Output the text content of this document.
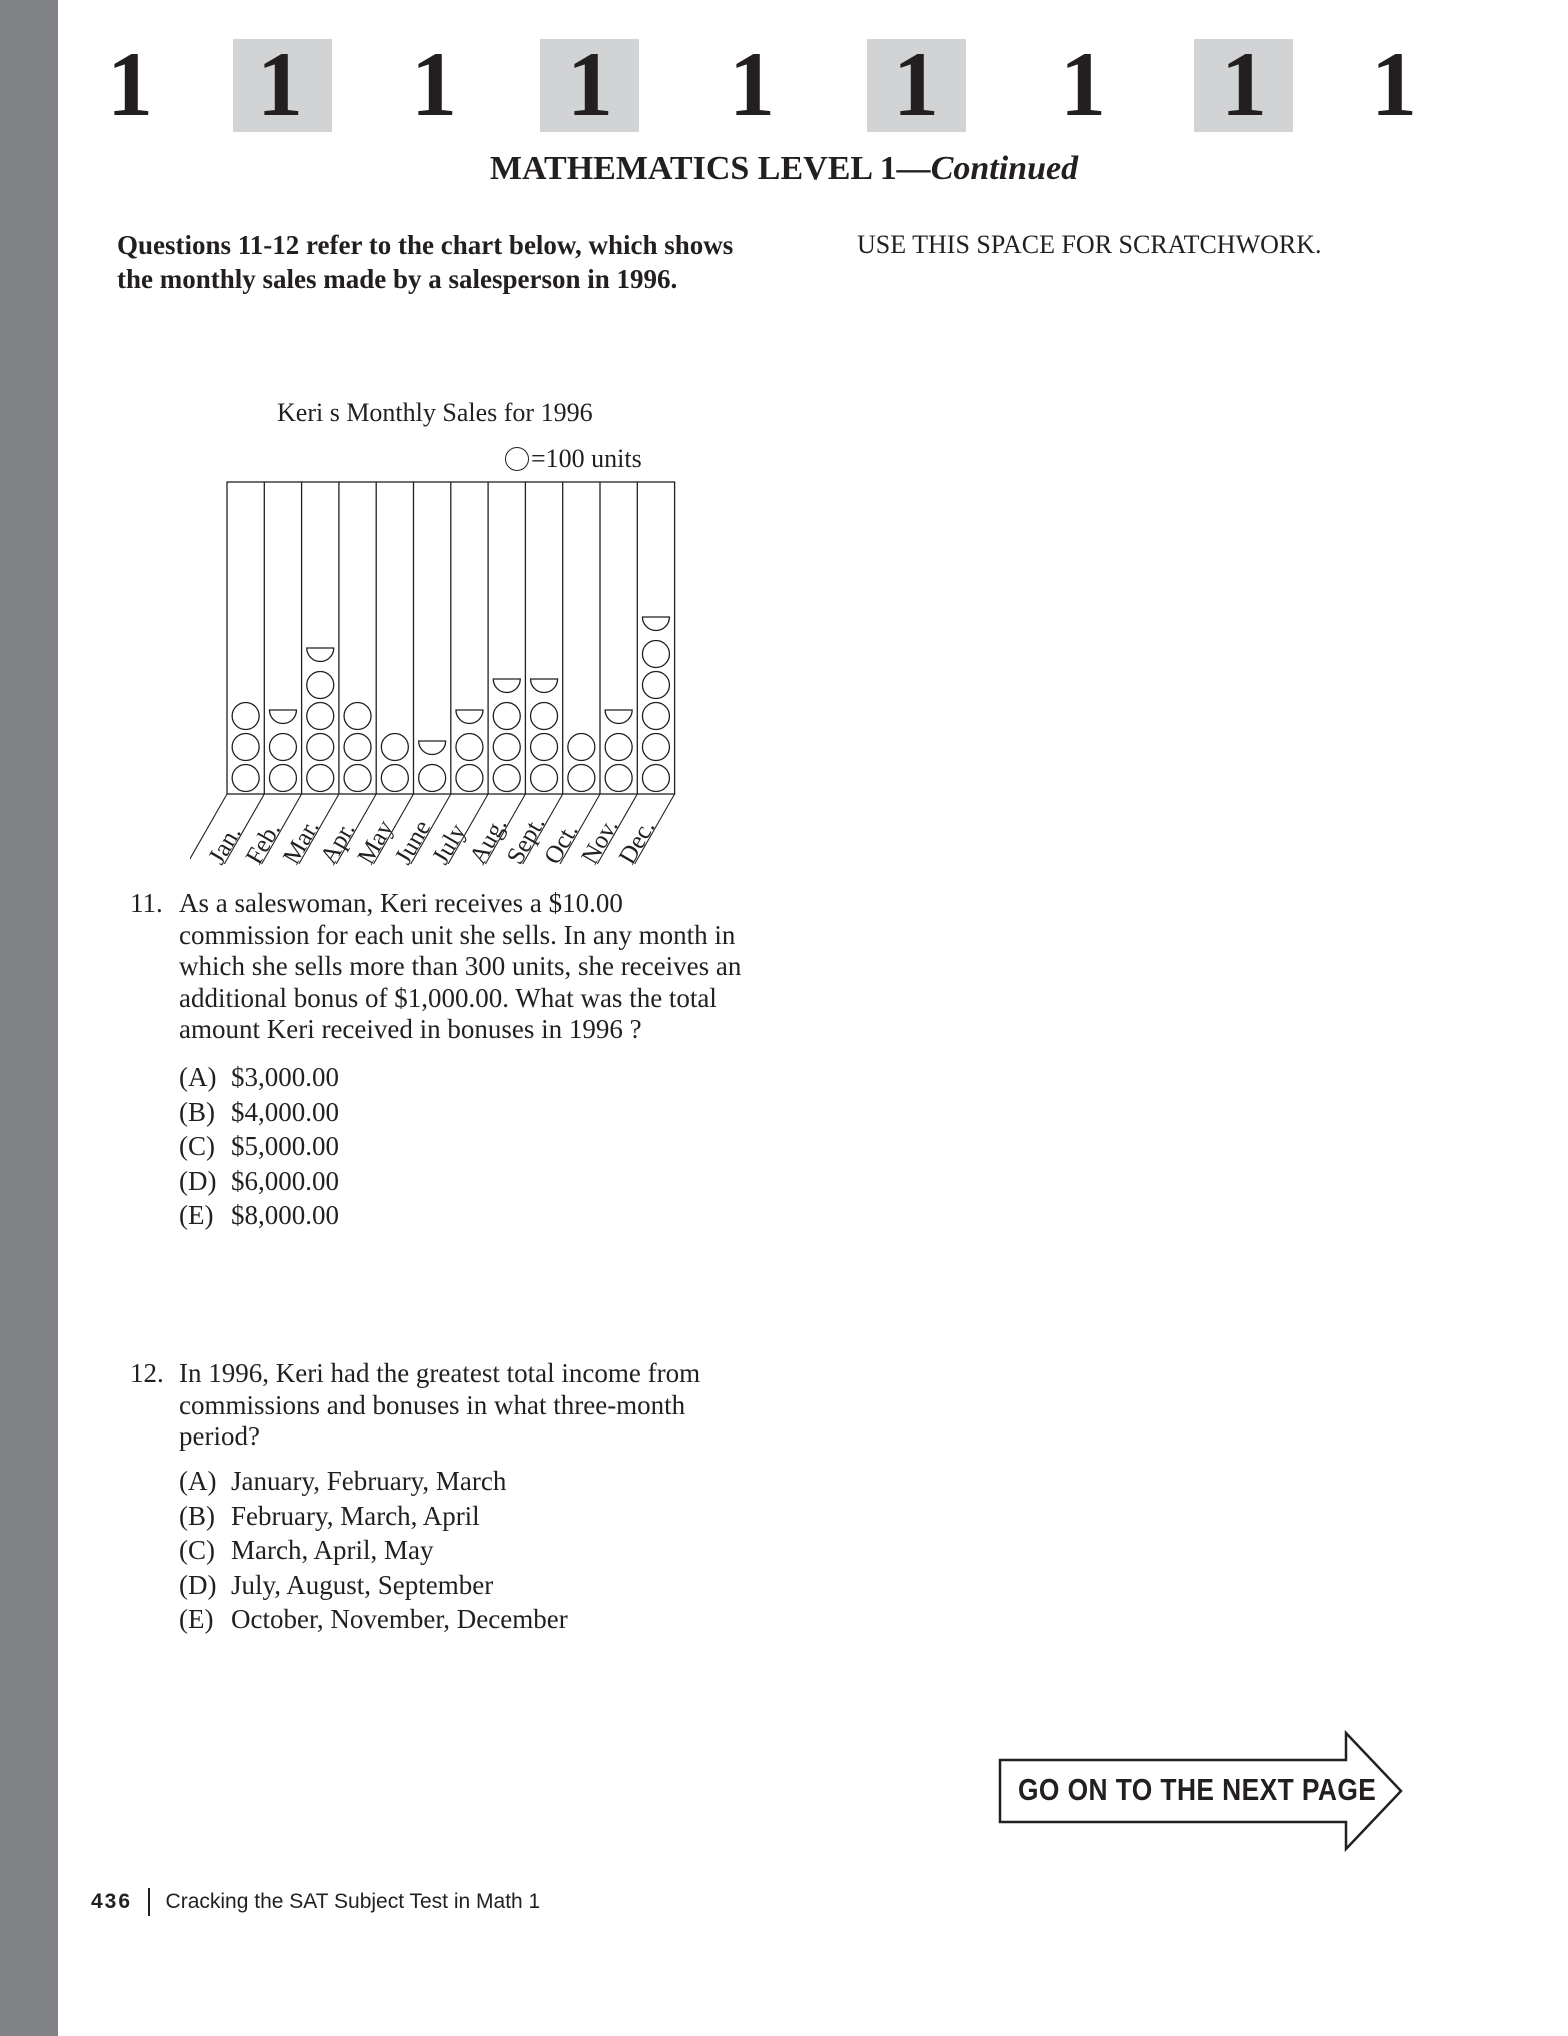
1 1 1 1 1 1 1 1 1
MATHEMATICS LEVEL 1—Continued
Questions 11-12 refer to the chart below, which shows the monthly sales made by a salesperson in 1996.
USE THIS SPACE FOR SCRATCHWORK.
Keri s Monthly Sales for 1996
=100 units
Jan.
Feb.
Mar.
Apr.
May
June
July
Aug.
Sept.
Oct.
Nov.
Dec.
11. As a saleswoman, Keri receives a $10.00 commission for each unit she sells. In any month in which she sells more than 300 units, she receives an additional bonus of $1,000.00. What was the total amount Keri received in bonuses in 1996 ?
(A) $3,000.00
(B) $4,000.00
(C) $5,000.00
(D) $6,000.00
(E) $8,000.00
12. In 1996, Keri had the greatest total income from commissions and bonuses in what three-month period?
(A) January, February, March
(B) February, March, April
(C) March, April, May
(D) July, August, September
(E) October, November, December
GO ON TO THE NEXT PAGE
436 Cracking the SAT Subject Test in Math 1
